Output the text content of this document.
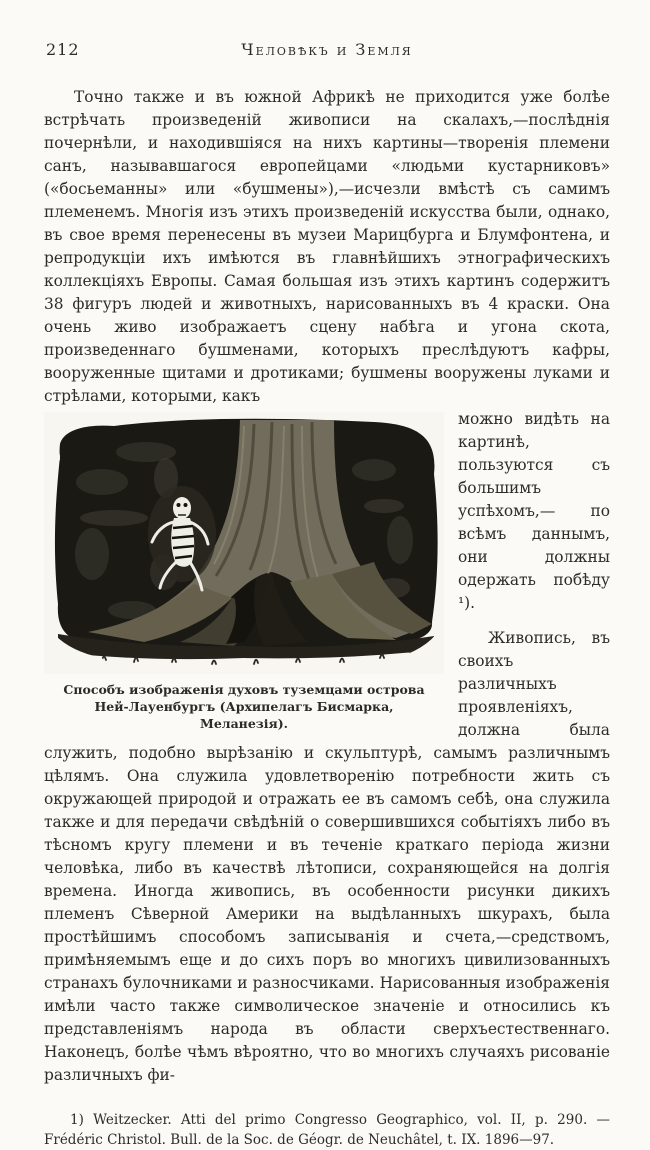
212	Человѣкъ и Земля

Точно также и въ южной Африкѣ не приходится уже болѣе встрѣчать произведеній живописи на скалахъ,—послѣднія почернѣли, и находившіяся на нихъ картины—творенія племени санъ, называвшагося европейцами «людьми кустарниковъ» («босьеманны» или «бушмены»),—исчезли вмѣстѣ съ самимъ племенемъ. Многія изъ этихъ произведеній искусства были, однако, въ свое время перенесены въ музеи Марицбурга и Блумфонтена, и репродукціи ихъ имѣются въ главнѣйшихъ этнографическихъ коллекціяхъ Европы. Самая большая изъ этихъ картинъ содержитъ 38 фигуръ людей и животныхъ, нарисованныхъ въ 4 краски. Она очень живо изображаетъ сцену набѣга и угона скота, произведеннаго бушменами, которыхъ преслѣдуютъ кафры, вооруженные щитами и дротиками; бушмены вооружены луками и стрѣлами, которыми, какъ

Способъ изображенія духовъ туземцами острова Ней-Лауенбургъ (Архипелагъ Бисмарка, Меланезія).

можно видѣть на картинѣ, пользуются съ большимъ успѣхомъ,— по всѣмъ даннымъ, они должны одержать побѣду ¹).

Живопись, въ своихъ различныхъ проявленіяхъ, должна была служить, подобно вырѣзанію и скульптурѣ, самымъ различнымъ цѣлямъ. Она служила удовлетворенію потребности жить съ окружающей природой и отражать ее въ самомъ себѣ, она служила также и для передачи свѣдѣній о совершившихся событіяхъ либо въ тѣсномъ кругу племени и въ теченіе краткаго періода жизни человѣка, либо въ качествѣ лѣтописи, сохраняющейся на долгія времена. Иногда живопись, въ особенности рисунки дикихъ племенъ Сѣверной Америки на выдѣланныхъ шкурахъ, была простѣйшимъ способомъ записыванія и счета,—средствомъ, примѣняемымъ еще и до сихъ поръ во многихъ цивилизованныхъ странахъ булочниками и разносчиками. Нарисованныя изображенія имѣли часто также символическое значеніе и относились къ представленіямъ народа въ области сверхъестественнаго. Наконецъ, болѣе чѣмъ вѣроятно, что во многихъ случаяхъ рисованіе различныхъ фи-

1) Weitzecker. Atti del primo Congresso Geographico, vol. II, p. 290. — Frédéric Christol. Bull. de la Soc. de Géogr. de Neuchâtel, t. IX. 1896—97.
